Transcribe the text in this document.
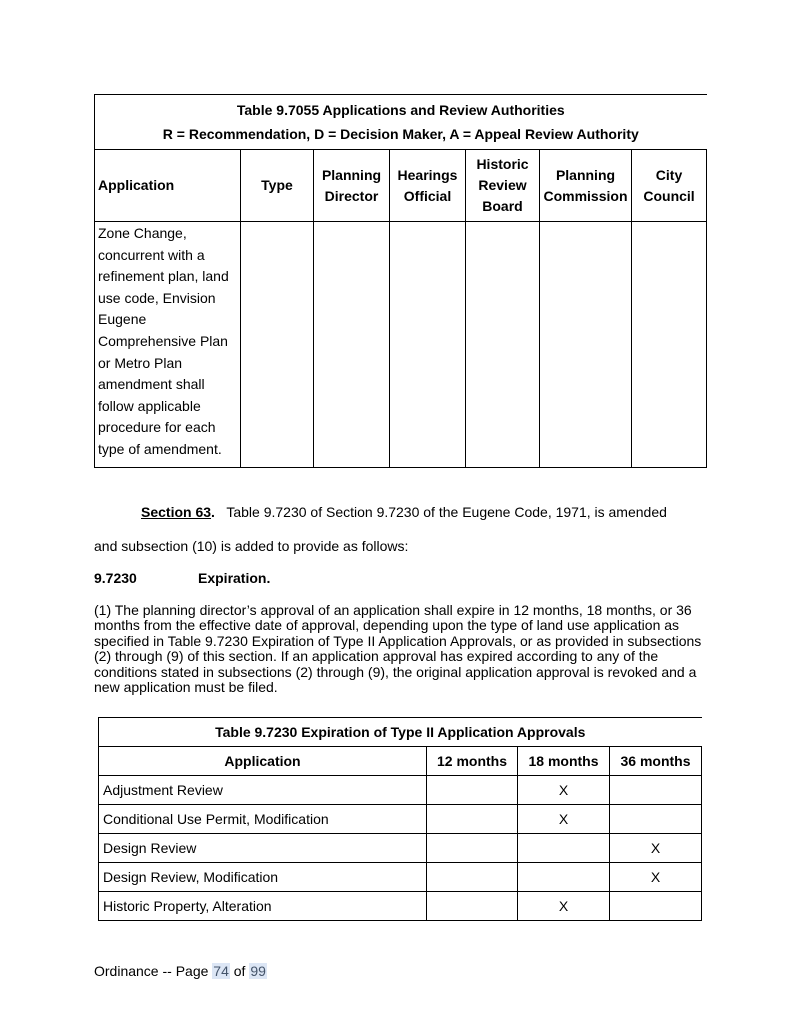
Table 9.7055 Applications and Review Authorities
R = Recommendation, D = Decision Maker, A = Appeal Review Authority						

Application	Type	Planning Director	Hearings Official	Historic Review Board	Planning Commission	City Council
Zone Change, concurrent with a refinement plan, land use code, Envision Eugene Comprehensive Plan or Metro Plan amendment shall follow applicable procedure for each type of amendment.						
Section 63. Table 9.7230 of Section 9.7230 of the Eugene Code, 1971, is amended
and subsection (10) is added to provide as follows:
9.7230	Expiration.
(1) The planning director’s approval of an application shall expire in 12 months, 18 months, or 36 months from the effective date of approval, depending upon the type of land use application as specified in Table 9.7230 Expiration of Type II Application Approvals, or as provided in subsections (2) through (9) of this section. If an application approval has expired according to any of the conditions stated in subsections (2) through (9), the original application approval is revoked and a new application must be filed.
Table 9.7230 Expiration of Type II Application Approvals			
Application	12 months	18 months	36 months
Adjustment Review		X	
Conditional Use Permit, Modification		X	
Design Review			X
Design Review, Modification			X
Historic Property, Alteration		X	
Ordinance -- Page 74 of 99
